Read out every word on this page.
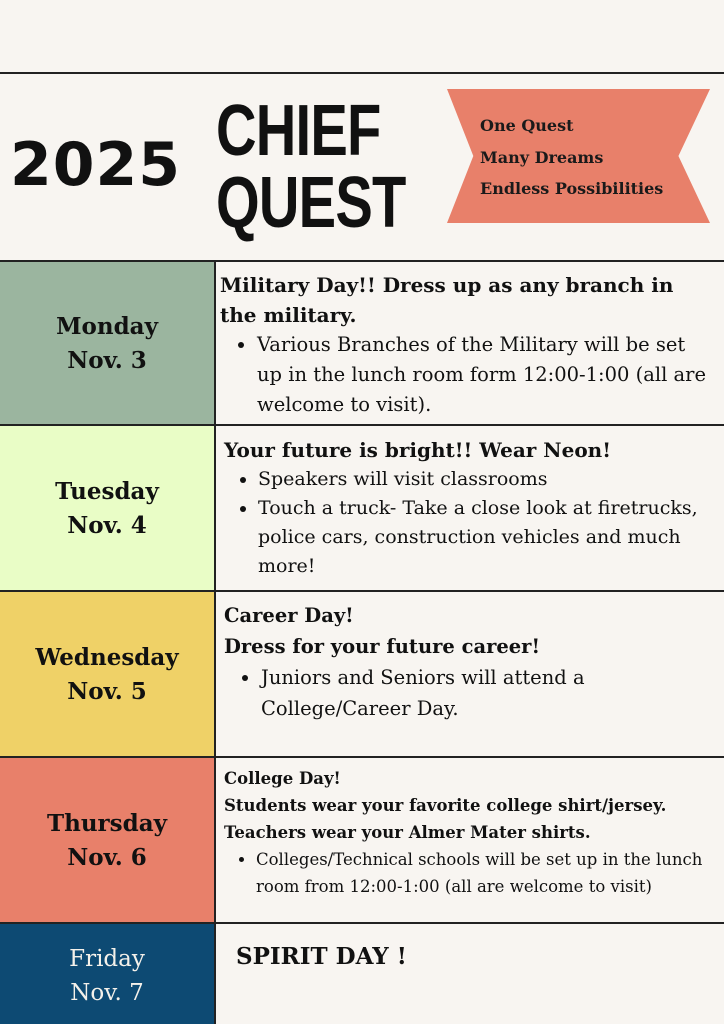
2025 CHIEF
QUEST
One Quest
Many Dreams
Endless Possibilities
Monday
Nov. 3
Military Day!! Dress up as any branch in the military.
• Various Branches of the Military will be set up in the lunch room form 12:00-1:00 (all are welcome to visit).
Tuesday
Nov. 4
Your future is bright!! Wear Neon!
• Speakers will visit classrooms
• Touch a truck- Take a close look at firetrucks, police cars, construction vehicles and much more!
Wednesday
Nov. 5
Career Day!
Dress for your future career!
• Juniors and Seniors will attend a College/Career Day.
Thursday
Nov. 6
College Day!
Students wear your favorite college shirt/jersey.
Teachers wear your Almer Mater shirts.
• Colleges/Technical schools will be set up in the lunch room from 12:00-1:00 (all are welcome to visit)
Friday
Nov. 7
SPIRIT DAY !
